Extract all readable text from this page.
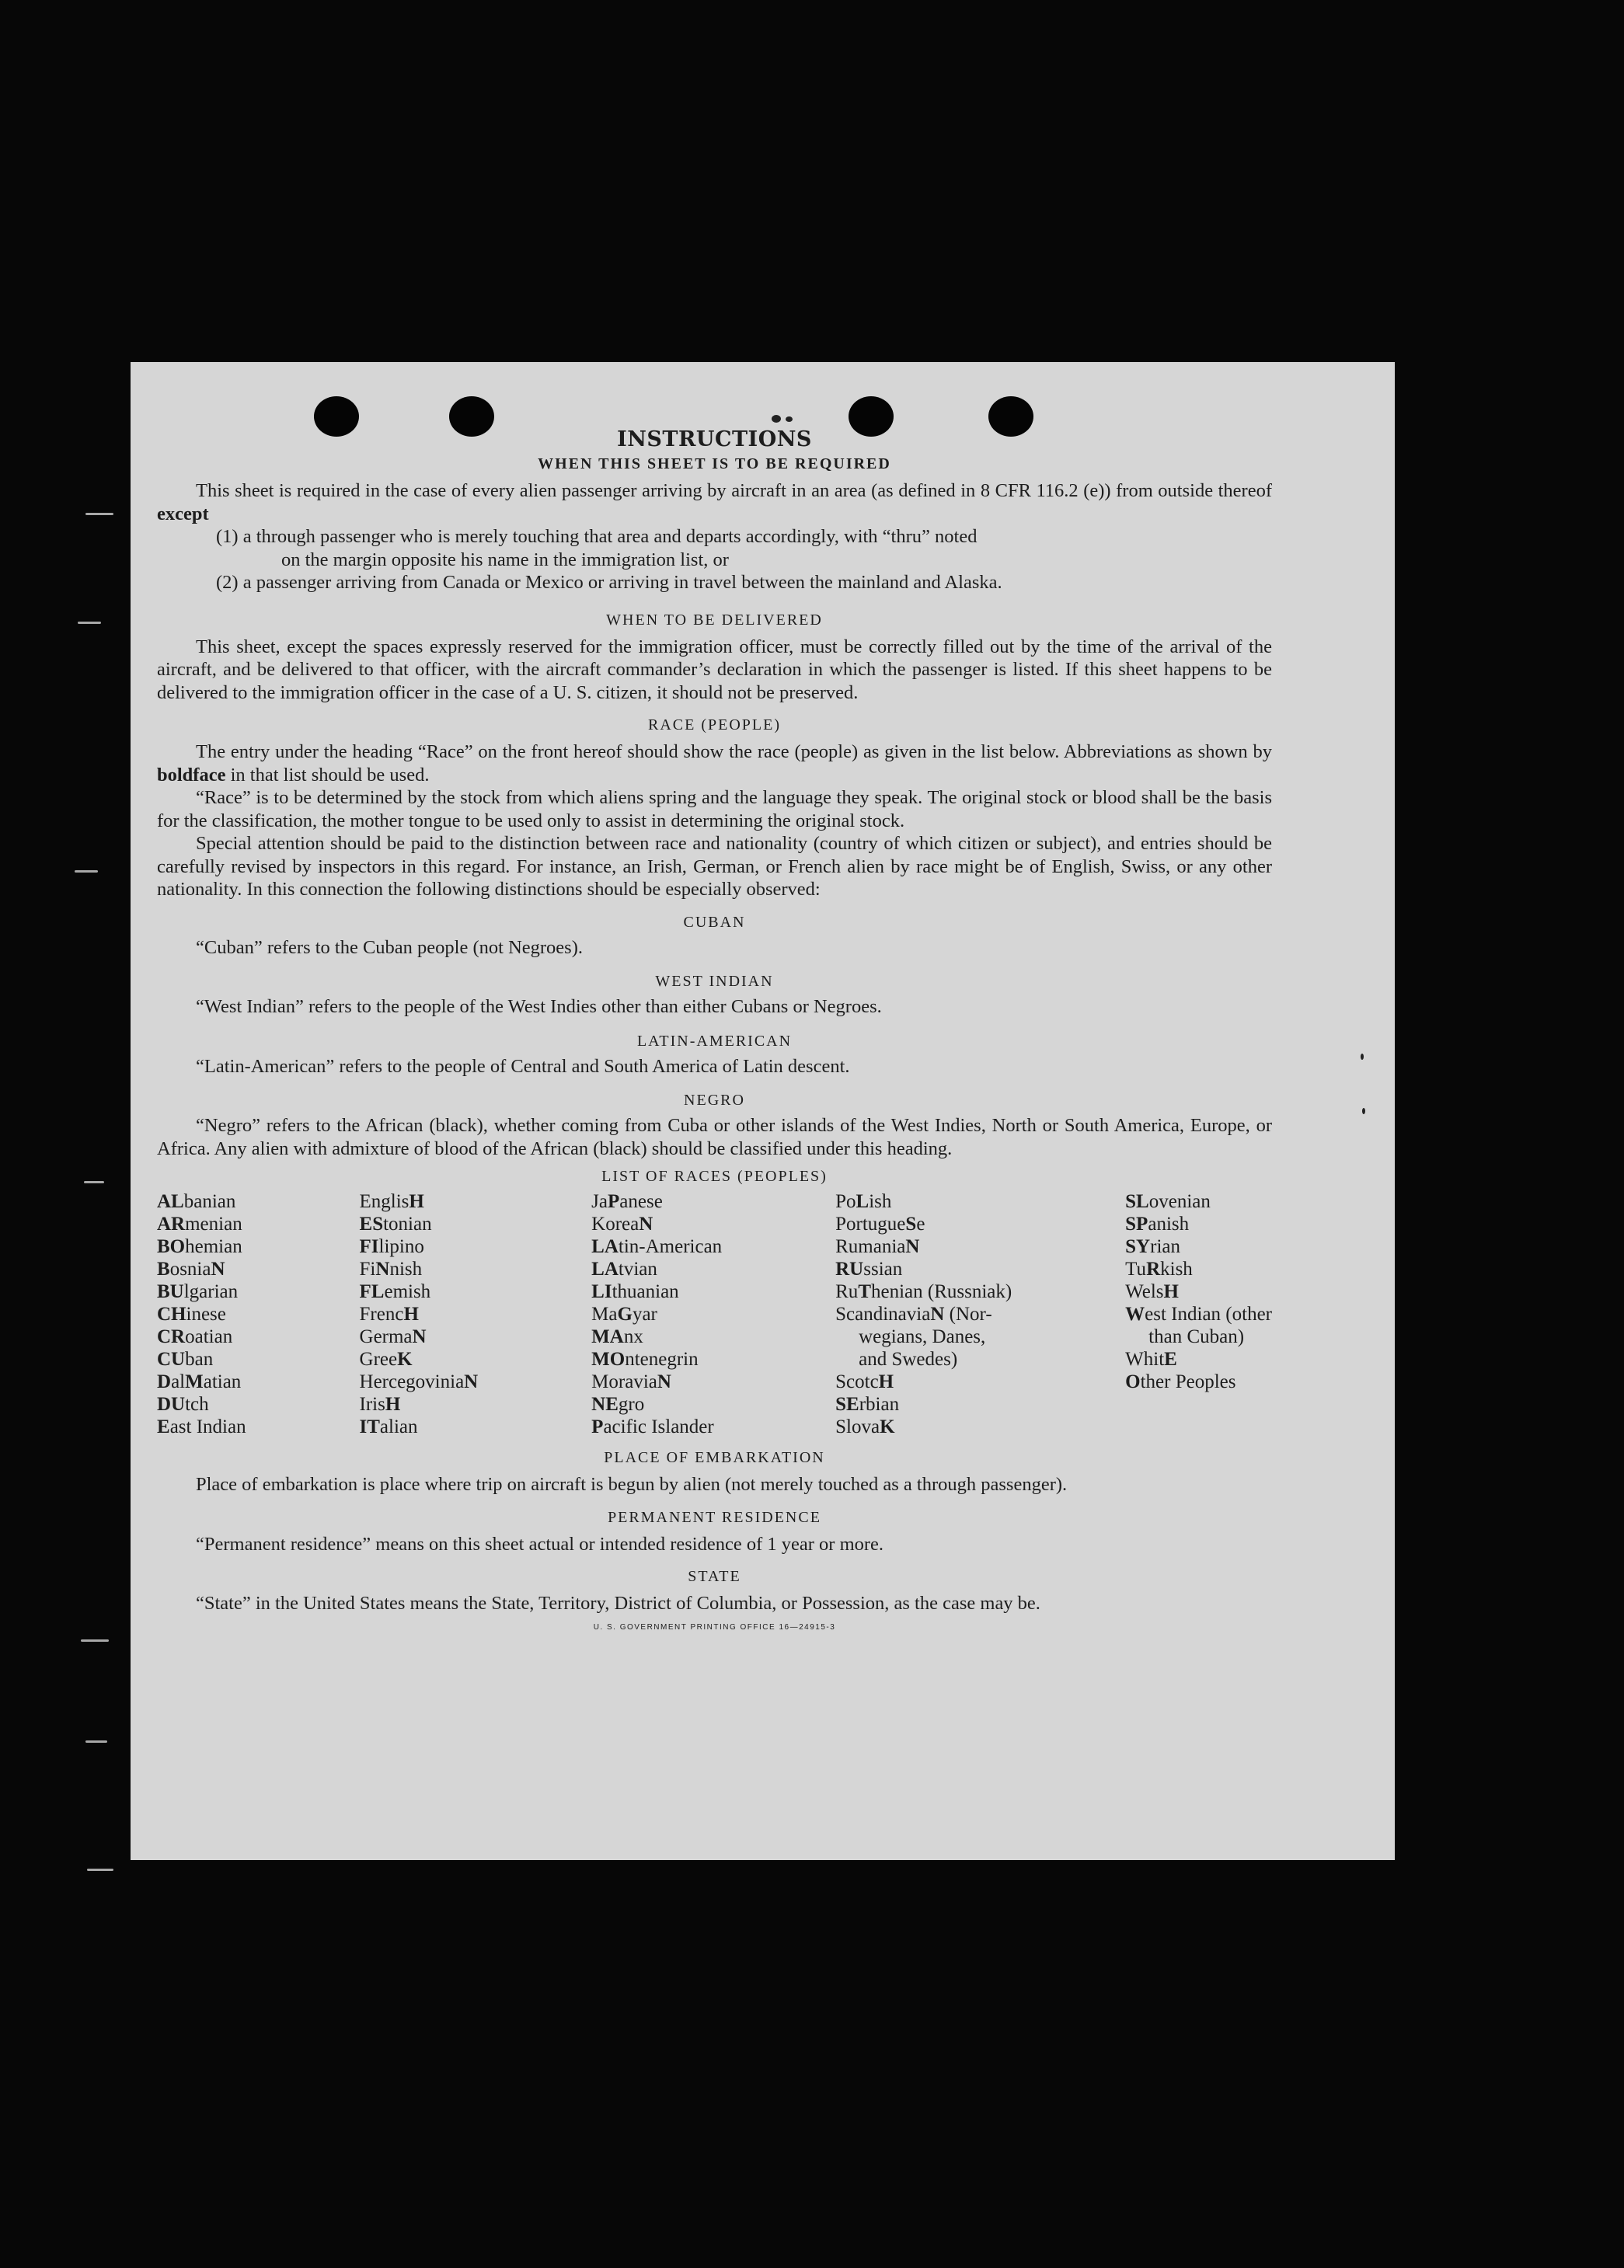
INSTRUCTIONS

WHEN THIS SHEET IS TO BE REQUIRED

This sheet is required in the case of every alien passenger arriving by aircraft in an area (as defined in 8 CFR 116.2 (e)) from outside thereof except

(1) a through passenger who is merely touching that area and departs accordingly, with “thru” noted

on the margin opposite his name in the immigration list, or

(2) a passenger arriving from Canada or Mexico or arriving in travel between the mainland and Alaska.

WHEN TO BE DELIVERED

This sheet, except the spaces expressly reserved for the immigration officer, must be correctly filled out by the time of the arrival of the aircraft, and be delivered to that officer, with the aircraft commander’s declaration in which the passenger is listed. If this sheet happens to be delivered to the immigration officer in the case of a U. S. citizen, it should not be preserved.

RACE (PEOPLE)

The entry under the heading “Race” on the front hereof should show the race (people) as given in the list below. Abbreviations as shown by boldface in that list should be used.

“Race” is to be determined by the stock from which aliens spring and the language they speak. The original stock or blood shall be the basis for the classification, the mother tongue to be used only to assist in determining the original stock.

Special attention should be paid to the distinction between race and nationality (country of which citizen or subject), and entries should be carefully revised by inspectors in this regard. For instance, an Irish, German, or French alien by race might be of English, Swiss, or any other nationality. In this connection the following distinctions should be especially observed:

CUBAN

“Cuban” refers to the Cuban people (not Negroes).

WEST INDIAN

“West Indian” refers to the people of the West Indies other than either Cubans or Negroes.

LATIN-AMERICAN

“Latin-American” refers to the people of Central and South America of Latin descent.

NEGRO

“Negro” refers to the African (black), whether coming from Cuba or other islands of the West Indies, North or South America, Europe, or Africa. Any alien with admixture of blood of the African (black) should be classified under this heading.

LIST OF RACES (PEOPLES)

ALbanian
ARmenian
BOhemian
BosniaN
BUlgarian
CHinese
CRoatian
CUban
DalMatian
DUtch
East Indian
EnglisH
EStonian
FIlipino
FiNnish
FLemish
FrencH
GermaN
GreeK
HercegoviniaN
IrisH
ITalian
JaPanese
KoreaN
LAtin-American
LAtvian
LIthuanian
MaGyar
MAnx
MOntenegrin
MoraviaN
NEgro
Pacific Islander
PoLish
PortugueSe
RumaniaN
RUssian
RuThenian (Russniak)
ScandinaviaN (Nor-
wegians, Danes,
and Swedes)
ScotcH
SErbian
SlovaK
SLovenian
SPanish
SYrian
TuRkish
WelsH
West Indian (other
than Cuban)
WhitE
Other Peoples

PLACE OF EMBARKATION

Place of embarkation is place where trip on aircraft is begun by alien (not merely touched as a through passenger).

PERMANENT RESIDENCE

“Permanent residence” means on this sheet actual or intended residence of 1 year or more.

STATE

“State” in the United States means the State, Territory, District of Columbia, or Possession, as the case may be.

U. S. GOVERNMENT PRINTING OFFICE 16—24915-3
